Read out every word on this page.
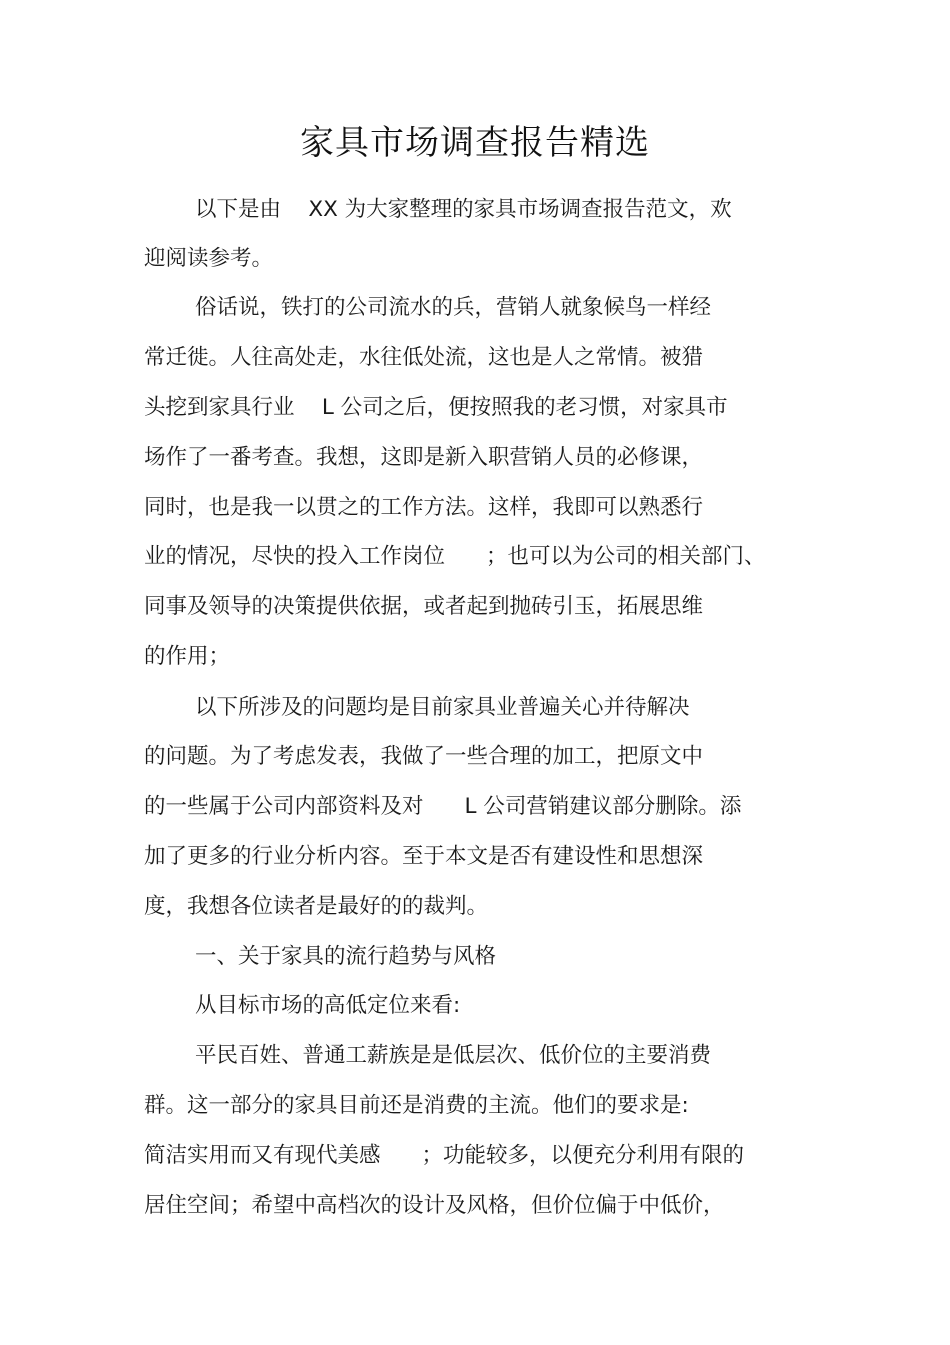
家具市场调查报告精选
以下是由    XX 为大家整理的家具市场调查报告范文，欢
迎阅读参考。
俗话说，铁打的公司流水的兵，营销人就象候鸟一样经
常迁徙。人往高处走，水往低处流，这也是人之常情。被猎
头挖到家具行业    L 公司之后，便按照我的老习惯，对家具市
场作了一番考查。我想，这即是新入职营销人员的必修课，
同时，也是我一以贯之的工作方法。这样，我即可以熟悉行
业的情况，尽快的投入工作岗位      ；也可以为公司的相关部门、
同事及领导的决策提供依据，或者起到抛砖引玉，拓展思维
的作用；
以下所涉及的问题均是目前家具业普遍关心并待解决
的问题。为了考虑发表，我做了一些合理的加工，把原文中
的一些属于公司内部资料及对      L 公司营销建议部分删除。添
加了更多的行业分析内容。至于本文是否有建设性和思想深
度，我想各位读者是最好的的裁判。
一、关于家具的流行趋势与风格
从目标市场的高低定位来看:
平民百姓、普通工薪族是是低层次、低价位的主要消费
群。这一部分的家具目前还是消费的主流。他们的要求是:
简洁实用而又有现代美感      ；功能较多，以便充分利用有限的
居住空间；希望中高档次的设计及风格，但价位偏于中低价，
